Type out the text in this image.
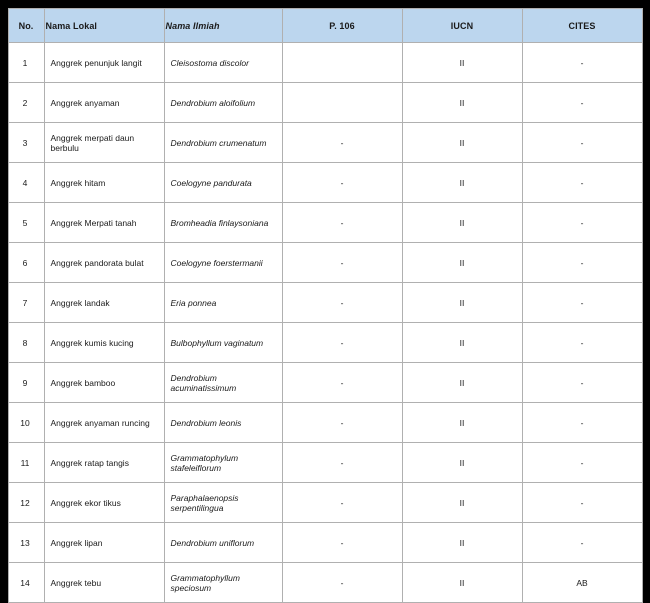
No.	Nama Lokal	Nama Ilmiah	P. 106	IUCN	CITES
1	Anggrek penunjuk langit	Cleisostoma discolor		II	-
2	Anggrek anyaman	Dendrobium aloifolium		II	-
3	Anggrek merpati daun berbulu	Dendrobium crumenatum	-	II	-
4	Anggrek hitam	Coelogyne pandurata	-	II	-
5	Anggrek Merpati tanah	Bromheadia finlaysoniana	-	II	-
6	Anggrek pandorata bulat	Coelogyne foerstermanii	-	II	-
7	Anggrek landak	Eria ponnea	-	II	-
8	Anggrek kumis kucing	Bulbophyllum vaginatum	-	II	-
9	Anggrek bamboo	Dendrobium acuminatissimum	-	II	-
10	Anggrek anyaman runcing	Dendrobium leonis	-	II	-
11	Anggrek ratap tangis	Grammatophylum stafeleiflorum	-	II	-
12	Anggrek ekor tikus	Paraphalaenopsis serpentilingua	-	II	-
13	Anggrek lipan	Dendrobium uniflorum	-	II	-
14	Anggrek tebu	Grammatophyllum speciosum	-	II	AB
